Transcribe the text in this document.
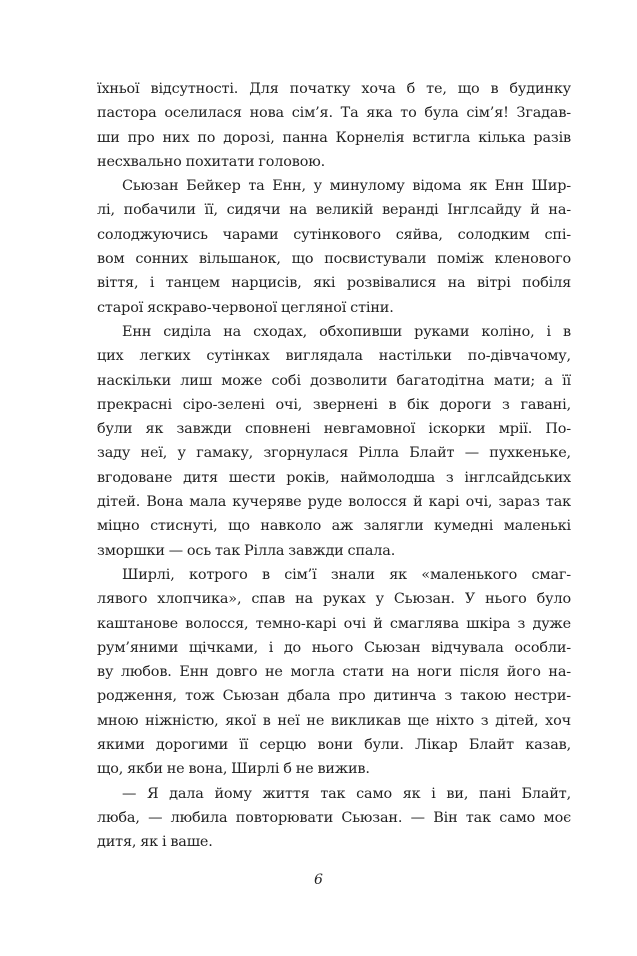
їхньої відсутності. Для початку хоча б те, що в будинку
пастора оселилася нова сім’я. Та яка то була сім’я! Згадав-
ши про них по дорозі, панна Корнелія встигла кілька разів
несхвально похитати головою.
Сьюзан Бейкер та Енн, у минулому відома як Енн Шир-
лі, побачили її, сидячи на великій веранді Інглсайду й на-
солоджуючись чарами сутінкового сяйва, солодким спі-
вом сонних вільшанок, що посвистували поміж кленового
віття, і танцем нарцисів, які розвівалися на вітрі побіля
старої яскраво-червоної цегляної стіни.
Енн сиділа на сходах, обхопивши руками коліно, і в
цих легких сутінках виглядала настільки по-дівчачому,
наскільки лиш може собі дозволити багатодітна мати; а її
прекрасні сіро-зелені очі, звернені в бік дороги з гавані,
були як завжди сповнені невгамовної іскорки мрії. По-
заду неї, у гамаку, згорнулася Рілла Блайт — пухкеньке,
вгодоване дитя шести років, наймолодша з інглсайдських
дітей. Вона мала кучеряве руде волосся й карі очі, зараз так
міцно стиснуті, що навколо аж залягли кумедні маленькі
зморшки — ось так Рілла завжди спала.
Ширлі, котрого в сім’ї знали як «маленького смаг-
лявого хлопчика», спав на руках у Сьюзан. У нього було
каштанове волосся, темно-карі очі й смаглява шкіра з дуже
рум’яними щічками, і до нього Сьюзан відчувала особли-
ву любов. Енн довго не могла стати на ноги після його на-
родження, тож Сьюзан дбала про дитинча з такою нестри-
мною ніжністю, якої в неї не викликав ще ніхто з дітей, хоч
якими дорогими її серцю вони були. Лікар Блайт казав,
що, якби не вона, Ширлі б не вижив.
— Я дала йому життя так само як і ви, пані Блайт,
люба, — любила повторювати Сьюзан. — Він так само моє
дитя, як і ваше.
6
